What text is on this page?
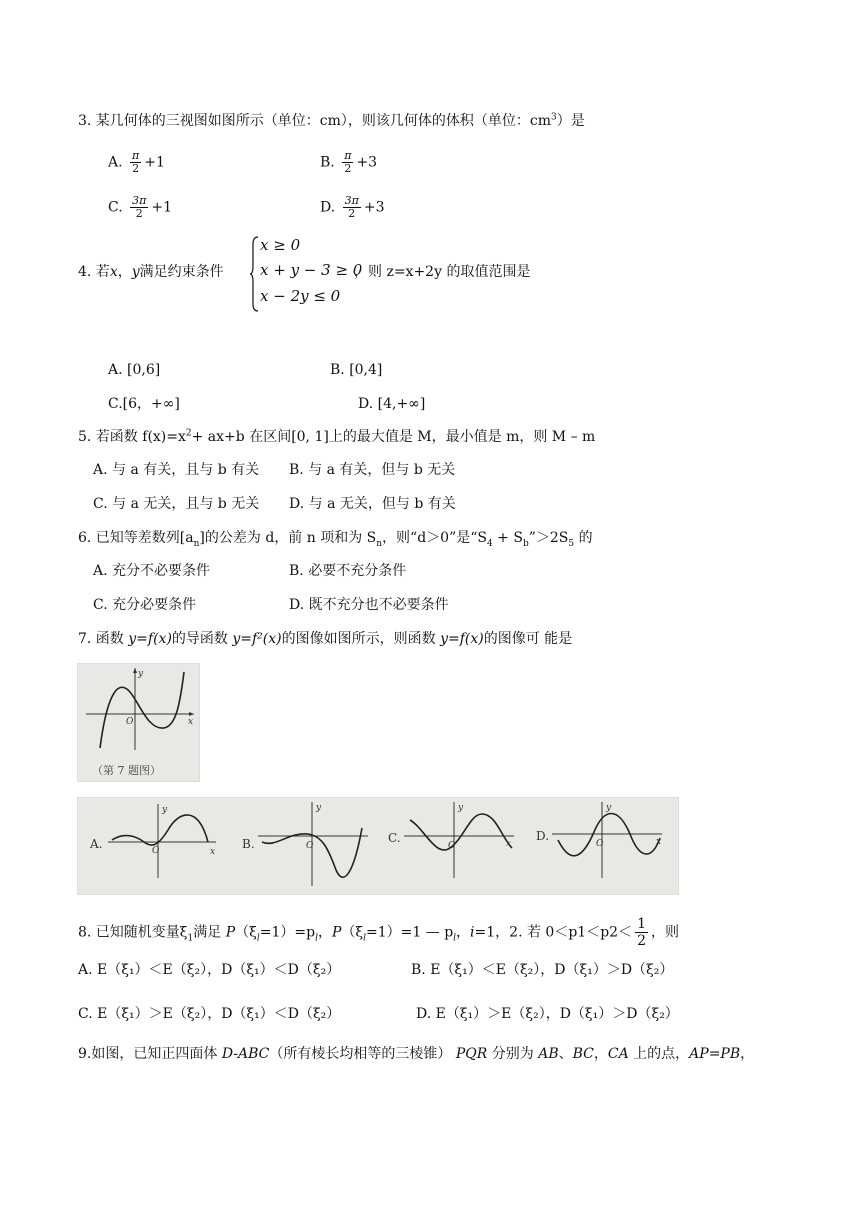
3. 某几何体的三视图如图所示（单位：cm），则该几何体的体积（单位：$cm^3$）是
A. $\frac{\pi}{2} +1$	B. $\frac{\pi}{2} +3$
C. $\frac{3\pi}{2} +1$	D. $\frac{3\pi}{2} +3$
4. 若x，y满足约束条件
x ≥ 0
x + y − 3 ≥ 0
x − 2y ≤ 0
，则 z=x+2y 的取值范围是
A. [0,6]	B. [0,4]
C.[6，+∞]	D. [4,+∞]
5. 若函数 $f(x)=x^2+ ax+b$ 在区间[0, 1]上的最大值是 M，最小值是 m，则 M – m
A. 与 a 有关，且与 b 有关 B. 与 a 有关，但与 b 无关
C. 与 a 无关，且与 b 无关 D. 与 a 无关，但与 b 有关
6. 已知等差数列$[a_n]$的公差为 d，前 n 项和为 $S_n$，则“d＞0”是“$S_4$ + $S_b”>2S_5$ 的
A. 充分不必要条件	B. 必要不充分条件
C. 充分必要条件	D. 既不充分也不必要条件
7. 函数 y=f(x)的导函数 y=f²(x)的图像如图所示，则函数 y=f(x)的图像可 能是
y
x
O
（第 7 题图）
A.
y
O	x
B.
y
O
C.
y
O	x
D.
y
O	x
8. 已知随机变量$\xi_1$满足 $P(\xi_l=1)=p_l$，$P(\xi_l=1)=1$ — $p_l$，i=1，2. 若 $0<p1<p2< \frac{1}{2}$ ，则
A. E（ξ₁）＜E（ξ₂），D（ξ₁）＜D（ξ₂）	B. E（ξ₁）＜E（ξ₂），D（ξ₁）＞D（ξ₂）
C. E（ξ₁）＞E（ξ₂），D（ξ₁）＜D（ξ₂）	D. E（ξ₁）＞E（ξ₂），D（ξ₁）＞D（ξ₂）
9.如图，已知正四面体 D-ABC（所有棱长均相等的三棱锥） PQR 分别为 AB、BC，CA 上的点，AP=PB，
